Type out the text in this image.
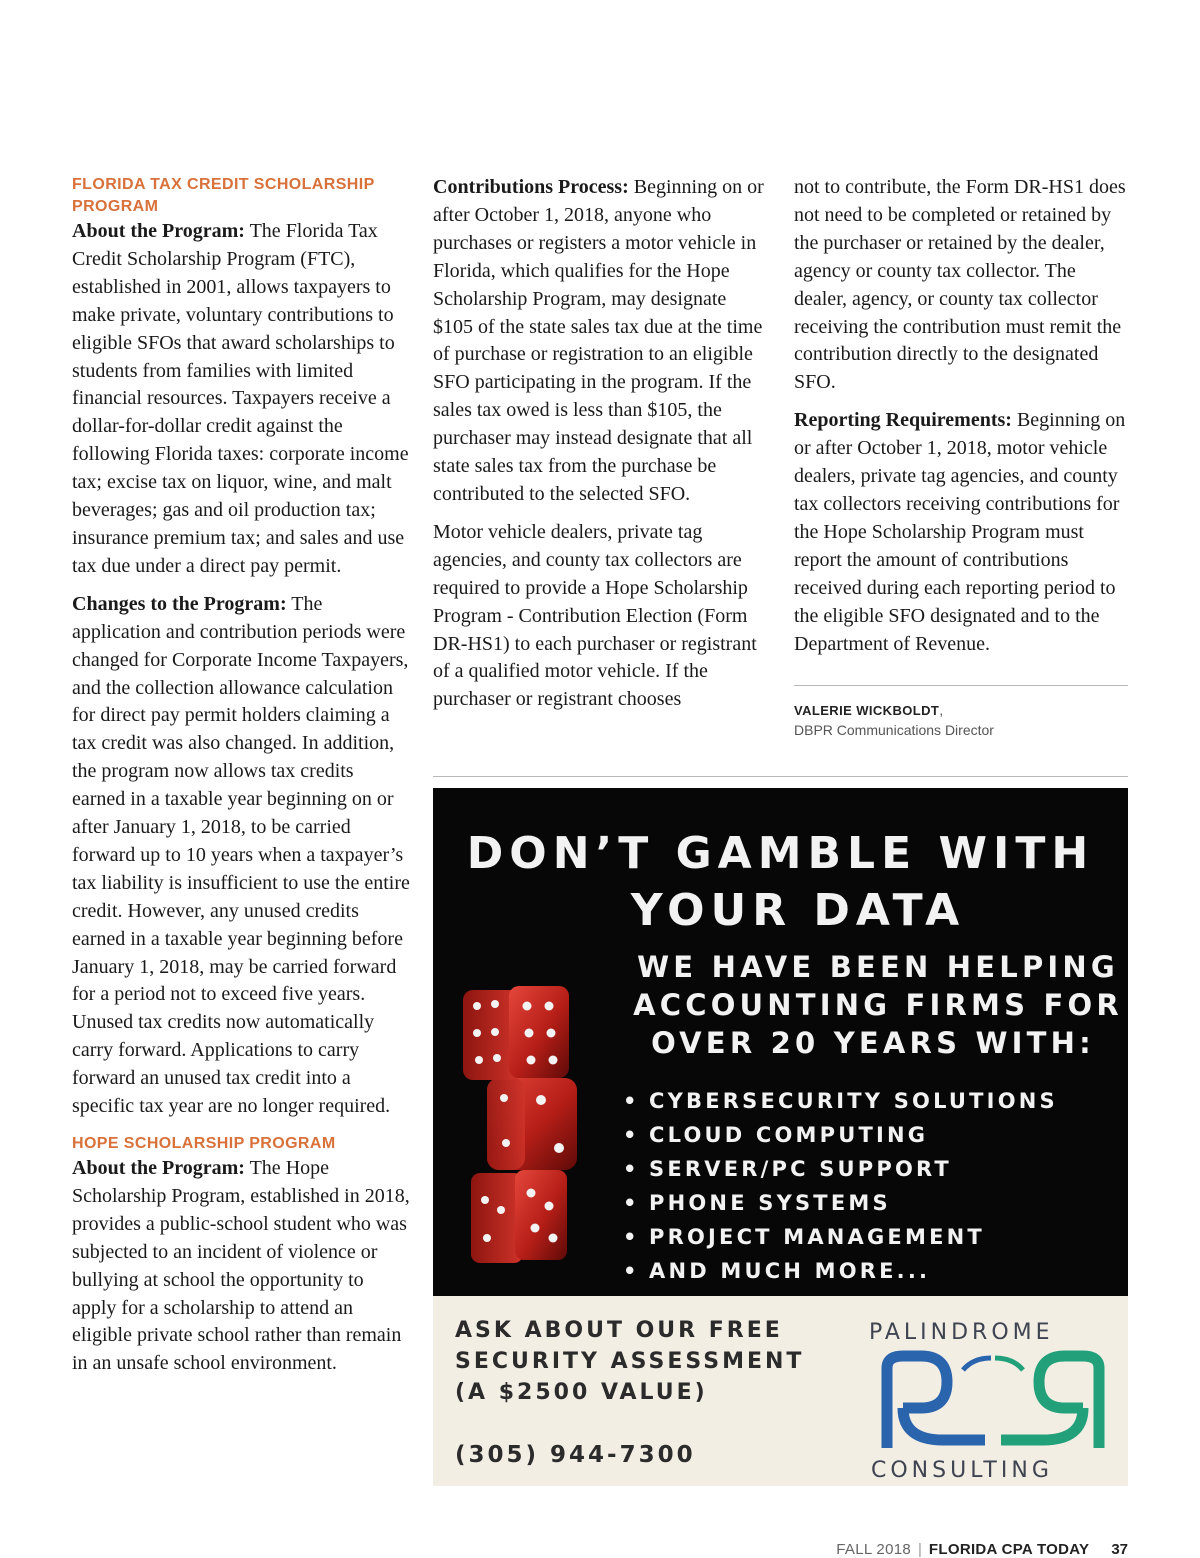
FLORIDA TAX CREDIT SCHOLARSHIP PROGRAM

About the Program: The Florida Tax Credit Scholarship Program (FTC), established in 2001, allows taxpayers to make private, voluntary contributions to eligible SFOs that award scholarships to students from families with limited financial resources. Taxpayers receive a dollar-for-dollar credit against the following Florida taxes: corporate income tax; excise tax on liquor, wine, and malt beverages; gas and oil production tax; insurance premium tax; and sales and use tax due under a direct pay permit.

Changes to the Program: The application and contribution periods were changed for Corporate Income Taxpayers, and the collection allowance calculation for direct pay permit holders claiming a tax credit was also changed. In addition, the program now allows tax credits earned in a taxable year beginning on or after January 1, 2018, to be carried forward up to 10 years when a taxpayer’s tax liability is insufficient to use the entire credit. However, any unused credits earned in a taxable year beginning before January 1, 2018, may be carried forward for a period not to exceed five years. Unused tax credits now automatically carry forward. Applications to carry forward an unused tax credit into a specific tax year are no longer required.

HOPE SCHOLARSHIP PROGRAM

About the Program: The Hope Scholarship Program, established in 2018, provides a public-school student who was subjected to an incident of violence or bullying at school the opportunity to apply for a scholarship to attend an eligible private school rather than remain in an unsafe school environment.

Contributions Process: Beginning on or after October 1, 2018, anyone who purchases or registers a motor vehicle in Florida, which qualifies for the Hope Scholarship Program, may designate $105 of the state sales tax due at the time of purchase or registration to an eligible SFO participating in the program. If the sales tax owed is less than $105, the purchaser may instead designate that all state sales tax from the purchase be contributed to the selected SFO.

Motor vehicle dealers, private tag agencies, and county tax collectors are required to provide a Hope Scholarship Program - Contribution Election (Form DR-HS1) to each purchaser or registrant of a qualified motor vehicle. If the purchaser or registrant chooses

not to contribute, the Form DR-HS1 does not need to be completed or retained by the purchaser or retained by the dealer, agency or county tax collector. The dealer, agency, or county tax collector receiving the contribution must remit the contribution directly to the designated SFO.

Reporting Requirements: Beginning on or after October 1, 2018, motor vehicle dealers, private tag agencies, and county tax collectors receiving contributions for the Hope Scholarship Program must report the amount of contributions received during each reporting period to the eligible SFO designated and to the Department of Revenue.

VALERIE WICKBOLDT,
DBPR Communications Director
DON’T GAMBLE WITH
YOUR DATA
WE HAVE BEEN HELPING
ACCOUNTING FIRMS FOR
OVER 20 YEARS WITH:
• CYBERSECURITY SOLUTIONS
• CLOUD COMPUTING
• SERVER/PC SUPPORT
• PHONE SYSTEMS
• PROJECT MANAGEMENT
• AND MUCH MORE...
ASK ABOUT OUR FREE
SECURITY ASSESSMENT
(A $2500 VALUE)
(305) 944-7300
PALINDROME
CONSULTING
FALL 2018 | FLORIDA CPA TODAY 37
